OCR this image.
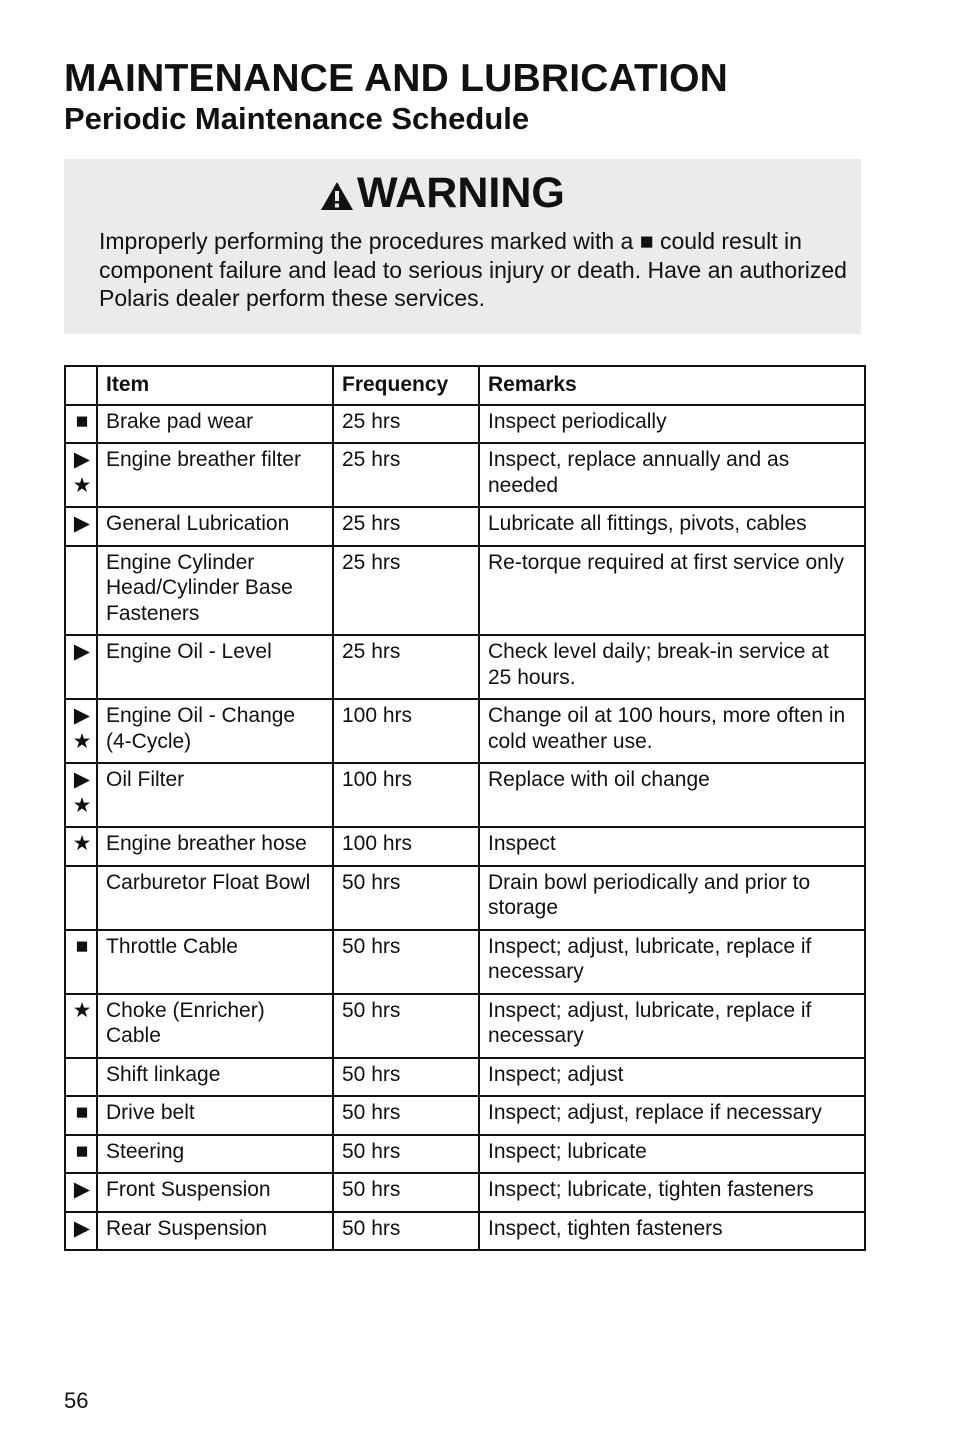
MAINTENANCE AND LUBRICATION
Periodic Maintenance Schedule
WARNING

Improperly performing the procedures marked with a ■ could result in component failure and lead to serious injury or death. Have an authorized Polaris dealer perform these services.

	Item	Frequency	Remarks

■	Brake pad wear	25 hrs	Inspect periodically

▶
★	Engine breather filter	25 hrs	Inspect, replace annually and as needed

▶	General Lubrication	25 hrs	Lubricate all fittings, pivots, cables

	Engine Cylinder Head/Cylinder Base Fasteners	25 hrs	Re-torque required at first service only

▶	Engine Oil - Level	25 hrs	Check level daily; break-in service at 25 hours.

▶
★	Engine Oil - Change (4-Cycle)	100 hrs	Change oil at 100 hours, more often in cold weather use.

▶
★	Oil Filter	100 hrs	Replace with oil change

★	Engine breather hose	100 hrs	Inspect

	Carburetor Float Bowl	50 hrs	Drain bowl periodically and prior to storage

■	Throttle Cable	50 hrs	Inspect; adjust, lubricate, replace if necessary

★	Choke (Enricher) Cable	50 hrs	Inspect; adjust, lubricate, replace if necessary

	Shift linkage	50 hrs	Inspect; adjust

■	Drive belt	50 hrs	Inspect; adjust, replace if necessary

■	Steering	50 hrs	Inspect; lubricate

▶	Front Suspension	50 hrs	Inspect; lubricate, tighten fasteners

▶	Rear Suspension	50 hrs	Inspect, tighten fasteners
56
